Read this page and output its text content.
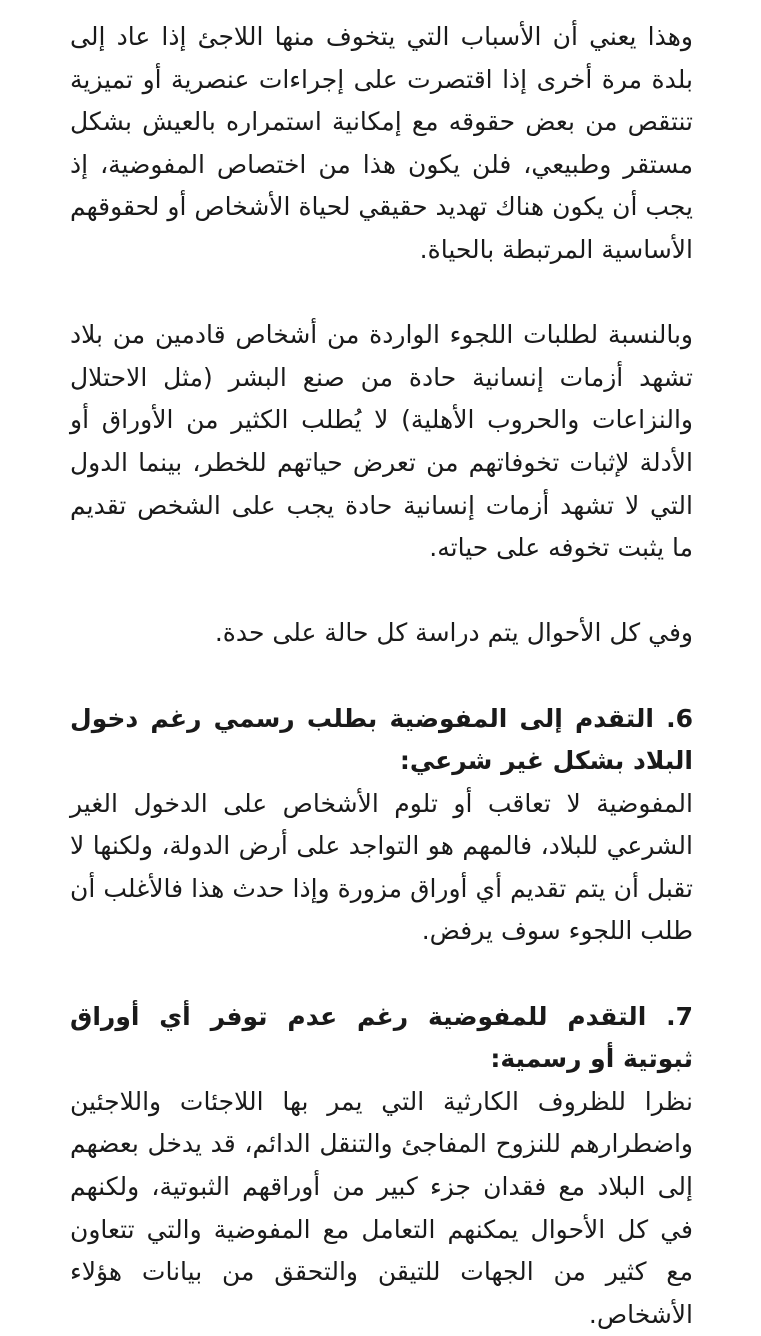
وهذا يعني أن الأسباب التي يتخوف منها اللاجئ إذا عاد إلى بلدة مرة أخرى إذا اقتصرت على إجراءات عنصرية أو تميزية تنتقص من بعض حقوقه مع إمكانية استمراره بالعيش بشكل مستقر وطبيعي، فلن يكون هذا من اختصاص المفوضية، إذ يجب أن يكون هناك تهديد حقيقي لحياة الأشخاص أو لحقوقهم الأساسية المرتبطة بالحياة.

وبالنسبة لطلبات اللجوء الواردة من أشخاص قادمين من بلاد تشهد أزمات إنسانية حادة من صنع البشر (مثل الاحتلال والنزاعات والحروب الأهلية) لا يُطلب الكثير من الأوراق أو الأدلة لإثبات تخوفاتهم من تعرض حياتهم للخطر، بينما الدول التي لا تشهد أزمات إنسانية حادة يجب على الشخص تقديم ما يثبت تخوفه على حياته.

وفي كل الأحوال يتم دراسة كل حالة على حدة.

6. التقدم إلى المفوضية بطلب رسمي رغم دخول البلاد بشكل غير شرعي:

المفوضية لا تعاقب أو تلوم الأشخاص على الدخول الغير الشرعي للبلاد، فالمهم هو التواجد على أرض الدولة، ولكنها لا تقبل أن يتم تقديم أي أوراق مزورة وإذا حدث هذا فالأغلب أن طلب اللجوء سوف يرفض.

7. التقدم للمفوضية رغم عدم توفر أي أوراق ثبوتية أو رسمية:

نظرا للظروف الكارثية التي يمر بها اللاجئات واللاجئين واضطرارهم للنزوح المفاجئ والتنقل الدائم، قد يدخل بعضهم إلى البلاد مع فقدان جزء كبير من أوراقهم الثبوتية، ولكنهم في كل الأحوال يمكنهم التعامل مع المفوضية والتي تتعاون مع كثير من الجهات للتيقن والتحقق من بيانات هؤلاء الأشخاص.
